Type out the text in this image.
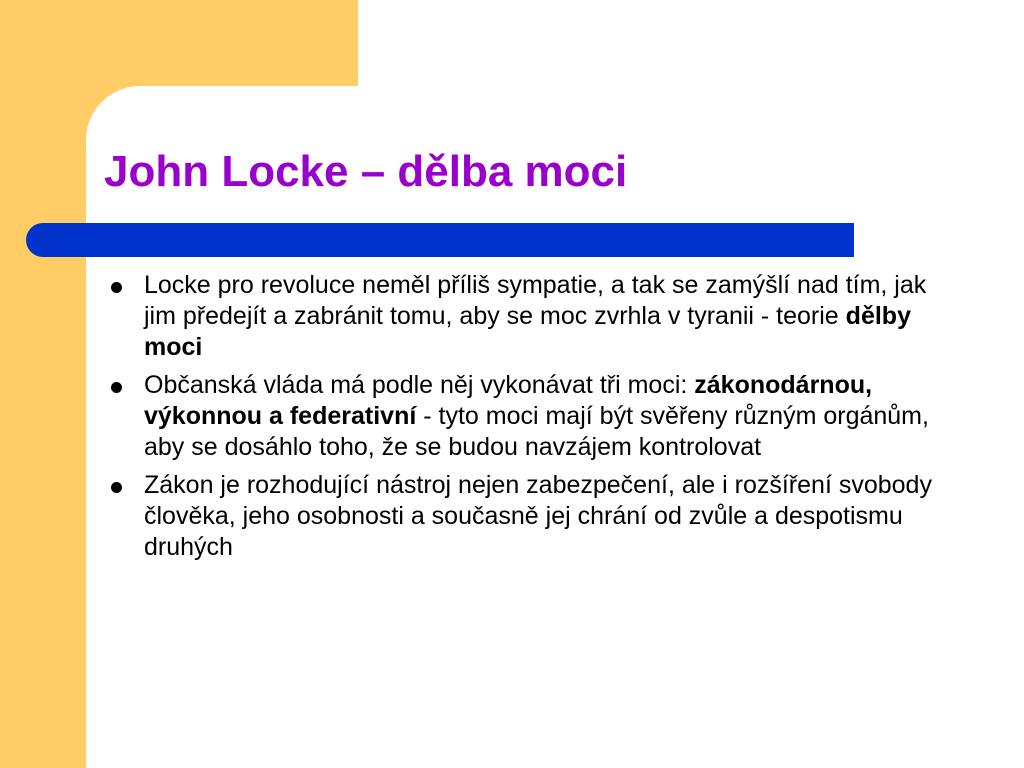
John Locke – dělba moci
Locke pro revoluce neměl příliš sympatie, a tak se zamýšlí nad tím, jak jim předejít a zabránit tomu, aby se moc zvrhla v tyranii - teorie dělby moci
Občanská vláda má podle něj vykonávat tři moci: zákonodárnou, výkonnou a federativní - tyto moci mají být svěřeny různým orgánům, aby se dosáhlo toho, že se budou navzájem kontrolovat
Zákon je rozhodující nástroj nejen zabezpečení, ale i rozšíření svobody člověka, jeho osobnosti a současně jej chrání od zvůle a despotismu druhých
